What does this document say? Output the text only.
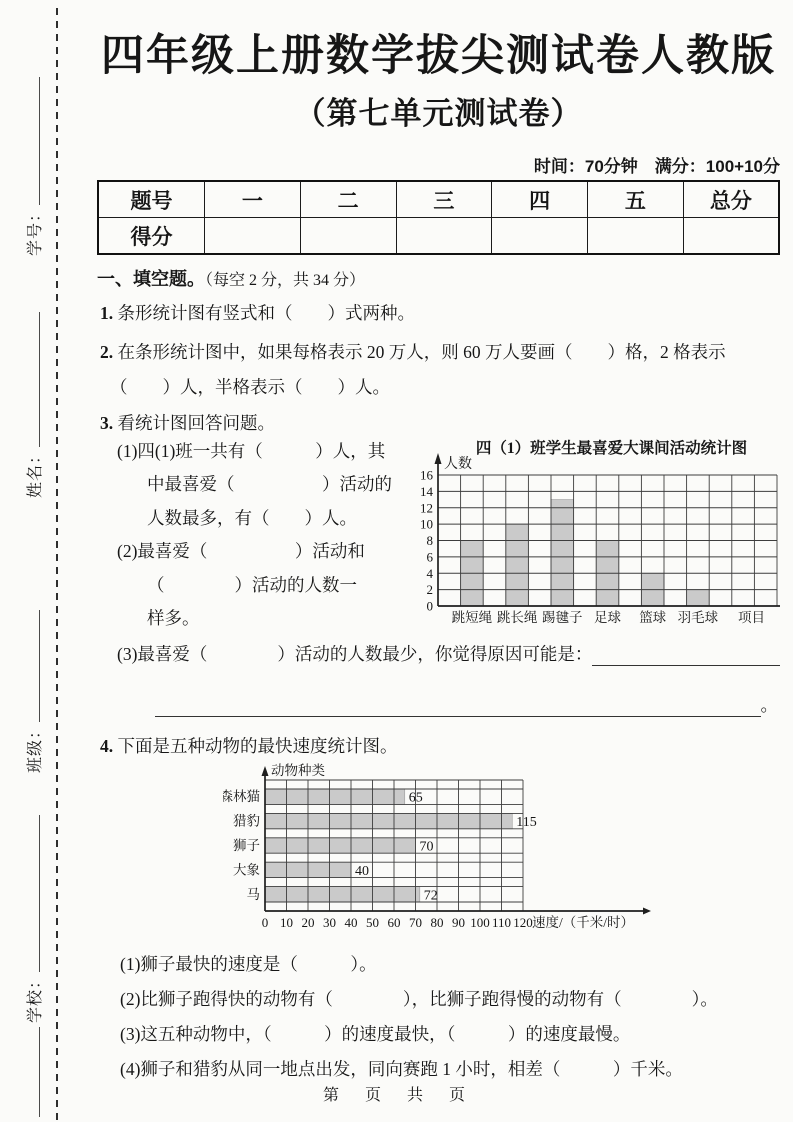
学号：
姓名：
班级：
学校：
四年级上册数学拔尖测试卷人教版
（第七单元测试卷）
时间：70分钟　满分：100+10分
题号	一	二	三	四	五	总分
得分						
一、填空题。（每空 2 分，共 34 分）
1. 条形统计图有竖式和（　　）式两种。
2. 在条形统计图中，如果每格表示 20 万人，则 60 万人要画（　　）格，2 格表示
（　　）人，半格表示（　　）人。
3. 看统计图回答问题。
四（1）班学生最喜爱大课间活动统计图
0
2
4
6
8
10
12
14
16
人数
跳短绳 跳长绳 踢毽子 足球 篮球 羽毛球 项目
(1)四(1)班一共有（　　　）人，其
中最喜爱（　　　　　）活动的
人数最多，有（　　）人。
(2)最喜爱（　　　　　）活动和
（　　　　）活动的人数一
样多。
(3)最喜爱（　　　　）活动的人数最少，你觉得原因可能是：
。
4. 下面是五种动物的最快速度统计图。
动物种类
森林猫
猎豹
狮子
大象
马
65
115
70
40
72
0 10 20 30 40 50 60 70 80 90 100 110 120 速度/（千米/时）
(1)狮子最快的速度是（　　　）。
(2)比狮子跑得快的动物有（　　　　），比狮子跑得慢的动物有（　　　　）。
(3)这五种动物中，（　　　）的速度最快，（　　　）的速度最慢。
(4)狮子和猎豹从同一地点出发，同向赛跑 1 小时，相差（　　　）千米。
第　页　共　页
